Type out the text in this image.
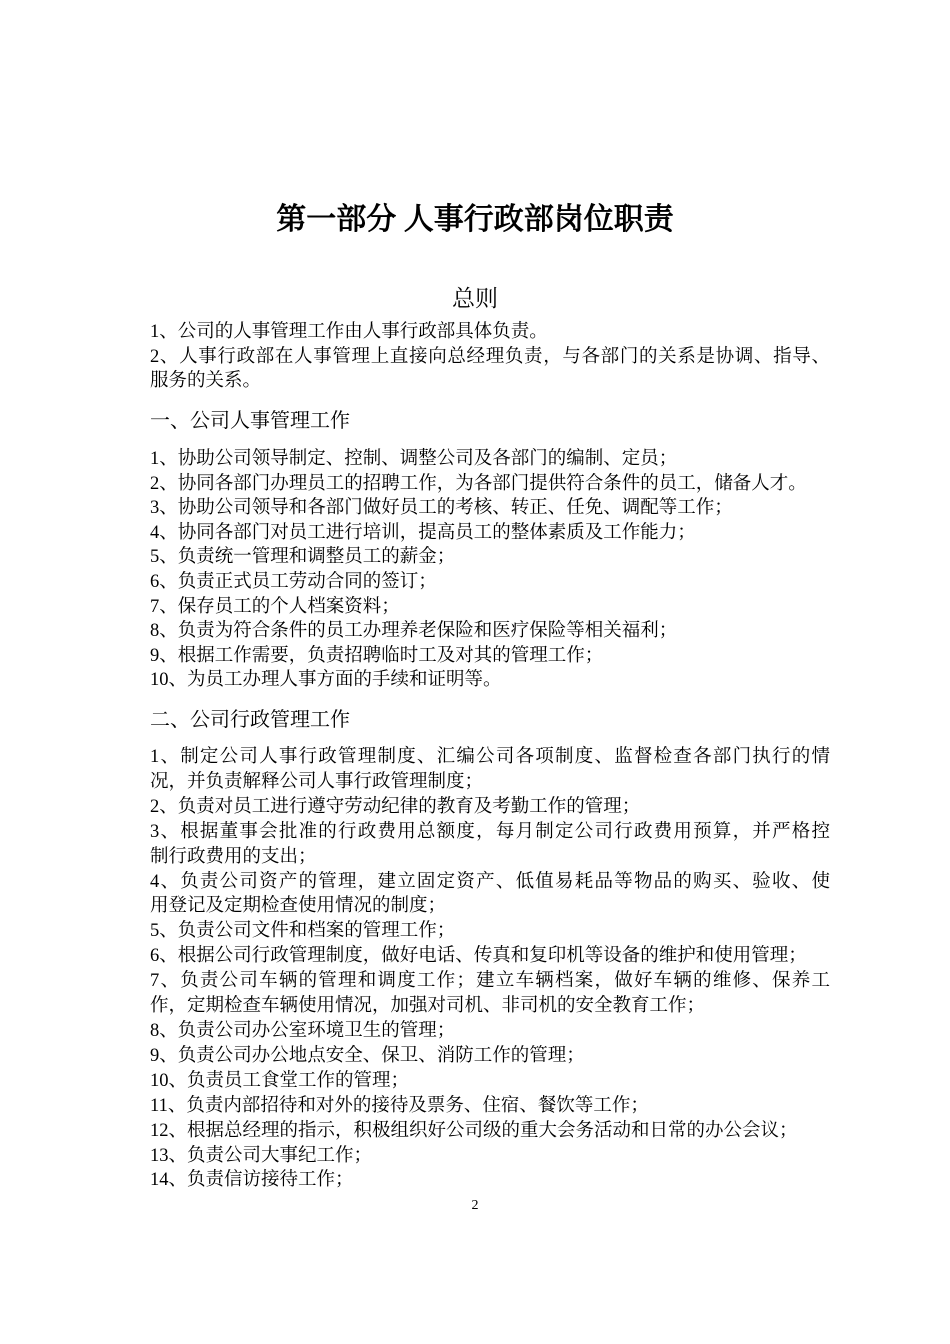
第一部分 人事行政部岗位职责
总则
1、公司的人事管理工作由人事行政部具体负责。
2、人事行政部在人事管理上直接向总经理负责，与各部门的关系是协调、指导、
服务的关系。
一、公司人事管理工作
1、协助公司领导制定、控制、调整公司及各部门的编制、定员；
2、协同各部门办理员工的招聘工作，为各部门提供符合条件的员工，储备人才。
3、协助公司领导和各部门做好员工的考核、转正、任免、调配等工作；
4、协同各部门对员工进行培训，提高员工的整体素质及工作能力；
5、负责统一管理和调整员工的薪金；
6、负责正式员工劳动合同的签订；
7、保存员工的个人档案资料；
8、负责为符合条件的员工办理养老保险和医疗保险等相关福利；
9、根据工作需要，负责招聘临时工及对其的管理工作；
10、为员工办理人事方面的手续和证明等。
二、公司行政管理工作
1、制定公司人事行政管理制度、汇编公司各项制度、监督检查各部门执行的情
况，并负责解释公司人事行政管理制度；
2、负责对员工进行遵守劳动纪律的教育及考勤工作的管理；
3、根据董事会批准的行政费用总额度，每月制定公司行政费用预算，并严格控
制行政费用的支出；
4、负责公司资产的管理，建立固定资产、低值易耗品等物品的购买、验收、使
用登记及定期检查使用情况的制度；
5、负责公司文件和档案的管理工作；
6、根据公司行政管理制度，做好电话、传真和复印机等设备的维护和使用管理；
7、负责公司车辆的管理和调度工作；建立车辆档案，做好车辆的维修、保养工
作，定期检查车辆使用情况，加强对司机、非司机的安全教育工作；
8、负责公司办公室环境卫生的管理；
9、负责公司办公地点安全、保卫、消防工作的管理；
10、负责员工食堂工作的管理；
11、负责内部招待和对外的接待及票务、住宿、餐饮等工作；
12、根据总经理的指示，积极组织好公司级的重大会务活动和日常的办公会议；
13、负责公司大事纪工作；
14、负责信访接待工作；
2
